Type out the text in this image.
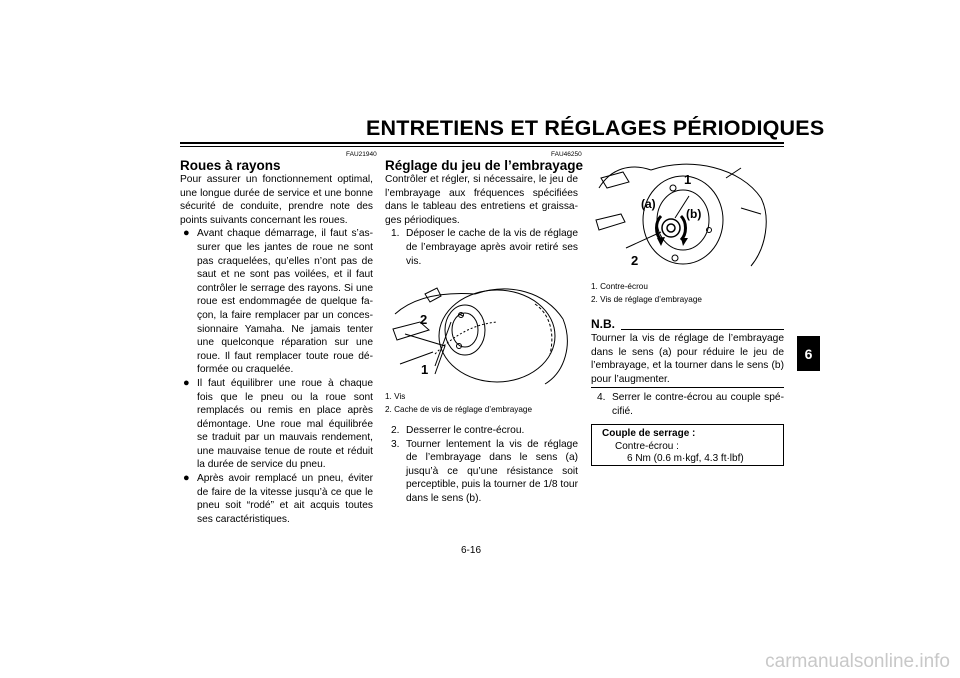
ENTRETIENS ET RÉGLAGES PÉRIODIQUES
6
FAU21940
Roues à rayons
Pour assurer un fonctionnement optimal, une longue durée de service et une bonne sécurité de conduite, prendre note des points suivants concernant les roues.
● Avant chaque démarrage, il faut s’assurer que les jantes de roue ne sont pas craquelées, qu’elles n’ont pas de saut et ne sont pas voilées, et il faut contrôler le serrage des rayons. Si une roue est endommagée de quelque façon, la faire remplacer par un concessionnaire Yamaha. Ne jamais tenter une quelconque réparation sur une roue. Il faut remplacer toute roue déformée ou craquelée.
● Il faut équilibrer une roue à chaque fois que le pneu ou la roue sont remplacés ou remis en place après démontage. Une roue mal équilibrée se traduit par un mauvais rendement, une mauvaise tenue de route et réduit la durée de service du pneu.
● Après avoir remplacé un pneu, éviter de faire de la vitesse jusqu’à ce que le pneu soit “rodé” et ait acquis toutes ses caractéristiques.
FAU46250
Réglage du jeu de l’embrayage
Contrôler et régler, si nécessaire, le jeu de l’embrayage aux fréquences spécifiées dans le tableau des entretiens et graissages périodiques.
1. Déposer le cache de la vis de réglage de l’embrayage après avoir retiré ses vis.
2
1
1. Vis
2. Cache de vis de réglage d’embrayage
2. Desserrer le contre-écrou.
3. Tourner lentement la vis de réglage de l’embrayage dans le sens (a) jusqu’à ce qu’une résistance soit perceptible, puis la tourner de 1/8 tour dans le sens (b).
1
2
(a)
(b)
1. Contre-écrou
2. Vis de réglage d’embrayage
N.B.
Tourner la vis de réglage de l’embrayage dans le sens (a) pour réduire le jeu de l’embrayage, et la tourner dans le sens (b) pour l’augmenter.
4. Serrer le contre-écrou au couple spécifié.
Couple de serrage :
Contre-écrou :
6 Nm (0.6 m·kgf, 4.3 ft·lbf)
6-16
carmanualsonline.info
